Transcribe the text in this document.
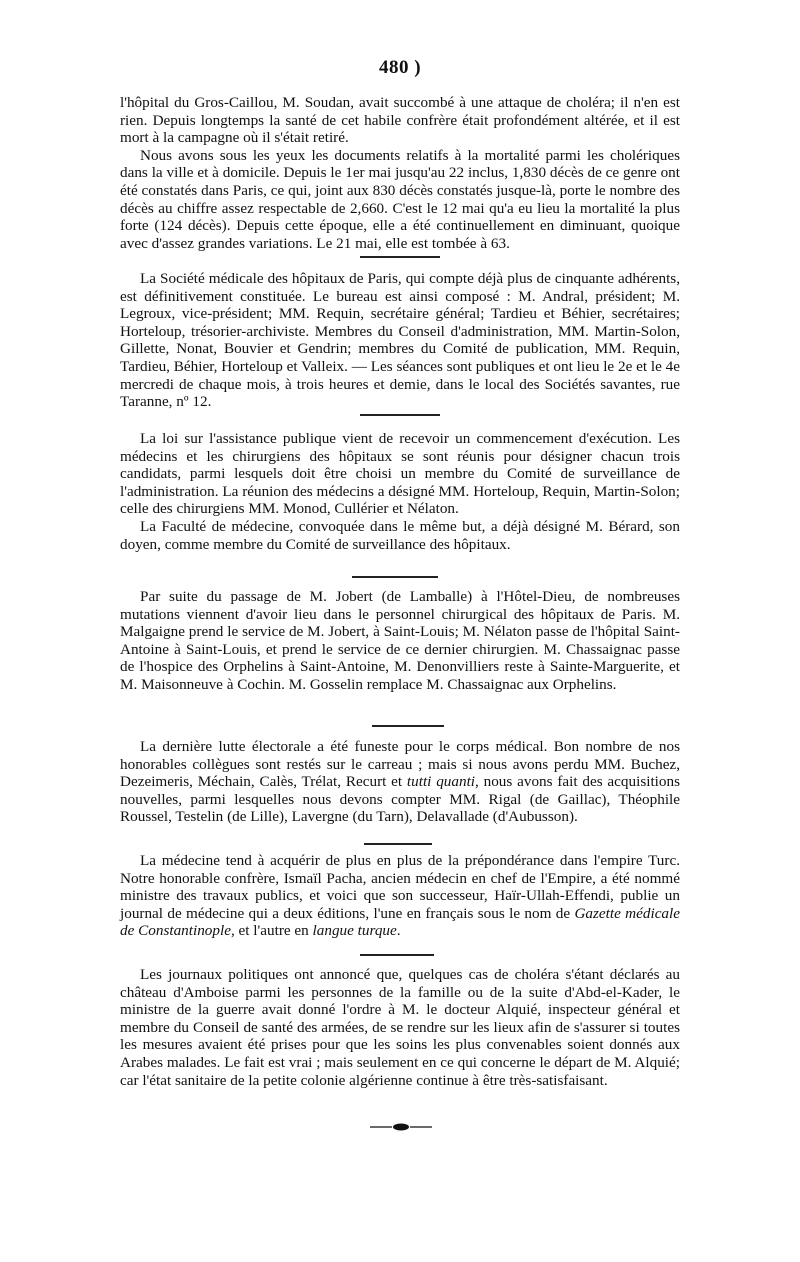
480 )

l'hôpital du Gros-Caillou, M. Soudan, avait succombé à une attaque de choléra; il n'en est rien. Depuis longtemps la santé de cet habile confrère était profondément altérée, et il est mort à la campagne où il s'était retiré.

Nous avons sous les yeux les documents relatifs à la mortalité parmi les cholériques dans la ville et à domicile. Depuis le 1er mai jusqu'au 22 inclus, 1,830 décès de ce genre ont été constatés dans Paris, ce qui, joint aux 830 décès constatés jusque-là, porte le nombre des décès au chiffre assez respectable de 2,660. C'est le 12 mai qu'a eu lieu la mortalité la plus forte (124 décès). Depuis cette époque, elle a été continuellement en diminuant, quoique avec d'assez grandes variations. Le 21 mai, elle est tombée à 63.

La Société médicale des hôpitaux de Paris, qui compte déjà plus de cinquante adhérents, est définitivement constituée. Le bureau est ainsi composé : M. Andral, président; M. Legroux, vice-président; MM. Requin, secrétaire général; Tardieu et Béhier, secrétaires; Horteloup, trésorier-archiviste. Membres du Conseil d'administration, MM. Martin-Solon, Gillette, Nonat, Bouvier et Gendrin; membres du Comité de publication, MM. Requin, Tardieu, Béhier, Horteloup et Valleix. — Les séances sont publiques et ont lieu le 2e et le 4e mercredi de chaque mois, à trois heures et demie, dans le local des Sociétés savantes, rue Taranne, nº 12.

La loi sur l'assistance publique vient de recevoir un commencement d'exécution. Les médecins et les chirurgiens des hôpitaux se sont réunis pour désigner chacun trois candidats, parmi lesquels doit être choisi un membre du Comité de surveillance de l'administration. La réunion des médecins a désigné MM. Horteloup, Requin, Martin-Solon; celle des chirurgiens MM. Monod, Cullérier et Nélaton.

La Faculté de médecine, convoquée dans le même but, a déjà désigné M. Bérard, son doyen, comme membre du Comité de surveillance des hôpitaux.

Par suite du passage de M. Jobert (de Lamballe) à l'Hôtel-Dieu, de nombreuses mutations viennent d'avoir lieu dans le personnel chirurgical des hôpitaux de Paris. M. Malgaigne prend le service de M. Jobert, à Saint-Louis; M. Nélaton passe de l'hôpital Saint-Antoine à Saint-Louis, et prend le service de ce dernier chirurgien. M. Chassaignac passe de l'hospice des Orphelins à Saint-Antoine, M. Denonvilliers reste à Sainte-Marguerite, et M. Maisonneuve à Cochin. M. Gosselin remplace M. Chassaignac aux Orphelins.

La dernière lutte électorale a été funeste pour le corps médical. Bon nombre de nos honorables collègues sont restés sur le carreau ; mais si nous avons perdu MM. Buchez, Dezeimeris, Méchain, Calès, Trélat, Recurt et tutti quanti, nous avons fait des acquisitions nouvelles, parmi lesquelles nous devons compter MM. Rigal (de Gaillac), Théophile Roussel, Testelin (de Lille), Lavergne (du Tarn), Delavallade (d'Aubusson).

La médecine tend à acquérir de plus en plus de la prépondérance dans l'empire Turc. Notre honorable confrère, Ismaïl Pacha, ancien médecin en chef de l'Empire, a été nommé ministre des travaux publics, et voici que son successeur, Haïr-Ullah-Effendi, publie un journal de médecine qui a deux éditions, l'une en français sous le nom de Gazette médicale de Constantinople, et l'autre en langue turque.

Les journaux politiques ont annoncé que, quelques cas de choléra s'étant déclarés au château d'Amboise parmi les personnes de la famille ou de la suite d'Abd-el-Kader, le ministre de la guerre avait donné l'ordre à M. le docteur Alquié, inspecteur général et membre du Conseil de santé des armées, de se rendre sur les lieux afin de s'assurer si toutes les mesures avaient été prises pour que les soins les plus convenables soient donnés aux Arabes malades. Le fait est vrai ; mais seulement en ce qui concerne le départ de M. Alquié; car l'état sanitaire de la petite colonie algérienne continue à être très-satisfaisant.
